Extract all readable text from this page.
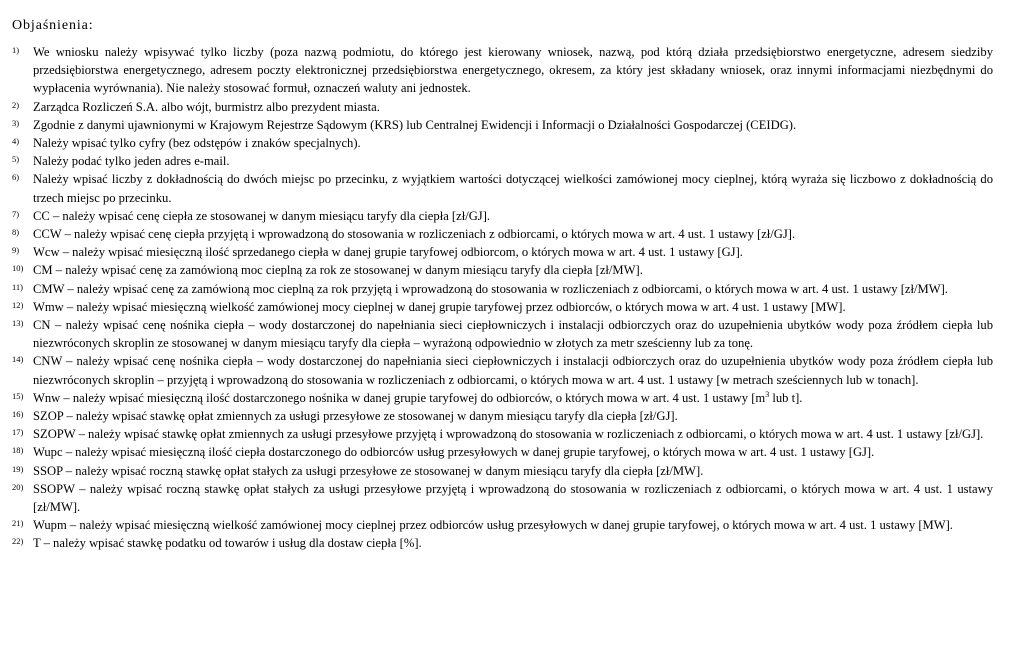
Objaśnienia:
1)	We wniosku należy wpisywać tylko liczby (poza nazwą podmiotu, do którego jest kierowany wniosek, nazwą, pod którą działa przedsiębiorstwo energetyczne, adresem siedziby przedsiębiorstwa energetycznego, adresem poczty elektronicznej przedsiębiorstwa energetycznego, okresem, za który jest składany wniosek, oraz innymi informacjami niezbędnymi do wypłacenia wyrównania). Nie należy stosować formuł, oznaczeń waluty ani jednostek.
2)	Zarządca Rozliczeń S.A. albo wójt, burmistrz albo prezydent miasta.
3)	Zgodnie z danymi ujawnionymi w Krajowym Rejestrze Sądowym (KRS) lub Centralnej Ewidencji i Informacji o Działalności Gospodarczej (CEIDG).
4)	Należy wpisać tylko cyfry (bez odstępów i znaków specjalnych).
5)	Należy podać tylko jeden adres e-mail.
6)	Należy wpisać liczby z dokładnością do dwóch miejsc po przecinku, z wyjątkiem wartości dotyczącej wielkości zamówionej mocy cieplnej, którą wyraża się liczbowo z dokładnością do trzech miejsc po przecinku.
7)	CC – należy wpisać cenę ciepła ze stosowanej w danym miesiącu taryfy dla ciepła [zł/GJ].
8)	CCW – należy wpisać cenę ciepła przyjętą i wprowadzoną do stosowania w rozliczeniach z odbiorcami, o których mowa w art. 4 ust. 1 ustawy [zł/GJ].
9)	Wcw – należy wpisać miesięczną ilość sprzedanego ciepła w danej grupie taryfowej odbiorcom, o których mowa w art. 4 ust. 1 ustawy [GJ].
10) CM – należy wpisać cenę za zamówioną moc cieplną za rok ze stosowanej w danym miesiącu taryfy dla ciepła [zł/MW].
11) CMW – należy wpisać cenę za zamówioną moc cieplną za rok przyjętą i wprowadzoną do stosowania w rozliczeniach z odbiorcami, o których mowa w art. 4 ust. 1 ustawy [zł/MW].
12) Wmw – należy wpisać miesięczną wielkość zamówionej mocy cieplnej w danej grupie taryfowej przez odbiorców, o których mowa w art. 4 ust. 1 ustawy [MW].
13) CN – należy wpisać cenę nośnika ciepła – wody dostarczonej do napełniania sieci ciepłowniczych i instalacji odbiorczych oraz do uzupełnienia ubytków wody poza źródłem ciepła lub niezwróconych skroplin ze stosowanej w danym miesiącu taryfy dla ciepła – wyrażoną odpowiednio w złotych za metr sześcienny lub za tonę.
14) CNW – należy wpisać cenę nośnika ciepła – wody dostarczonej do napełniania sieci ciepłowniczych i instalacji odbiorczych oraz do uzupełnienia ubytków wody poza źródłem ciepła lub niezwróconych skroplin – przyjętą i wprowadzoną do stosowania w rozliczeniach z odbiorcami, o których mowa w art. 4 ust. 1 ustawy [w metrach sześciennych lub w tonach].
15) Wnw – należy wpisać miesięczną ilość dostarczonego nośnika w danej grupie taryfowej do odbiorców, o których mowa w art. 4 ust. 1 ustawy [$m^3$ lub t].
16) SZOP – należy wpisać stawkę opłat zmiennych za usługi przesyłowe ze stosowanej w danym miesiącu taryfy dla ciepła [zł/GJ].
17) SZOPW – należy wpisać stawkę opłat zmiennych za usługi przesyłowe przyjętą i wprowadzoną do stosowania w rozliczeniach z odbiorcami, o których mowa w art. 4 ust. 1 ustawy [zł/GJ].
18) Wupc – należy wpisać miesięczną ilość ciepła dostarczonego do odbiorców usług przesyłowych w danej grupie taryfowej, o których mowa w art. 4 ust. 1 ustawy [GJ].
19) SSOP – należy wpisać roczną stawkę opłat stałych za usługi przesyłowe ze stosowanej w danym miesiącu taryfy dla ciepła [zł/MW].
20) SSOPW – należy wpisać roczną stawkę opłat stałych za usługi przesyłowe przyjętą i wprowadzoną do stosowania w rozliczeniach z odbiorcami, o których mowa w art. 4 ust. 1 ustawy [zł/MW].
21) Wupm – należy wpisać miesięczną wielkość zamówionej mocy cieplnej przez odbiorców usług przesyłowych w danej grupie taryfowej, o których mowa w art. 4 ust. 1 ustawy [MW].
22) T – należy wpisać stawkę podatku od towarów i usług dla dostaw ciepła [%].
